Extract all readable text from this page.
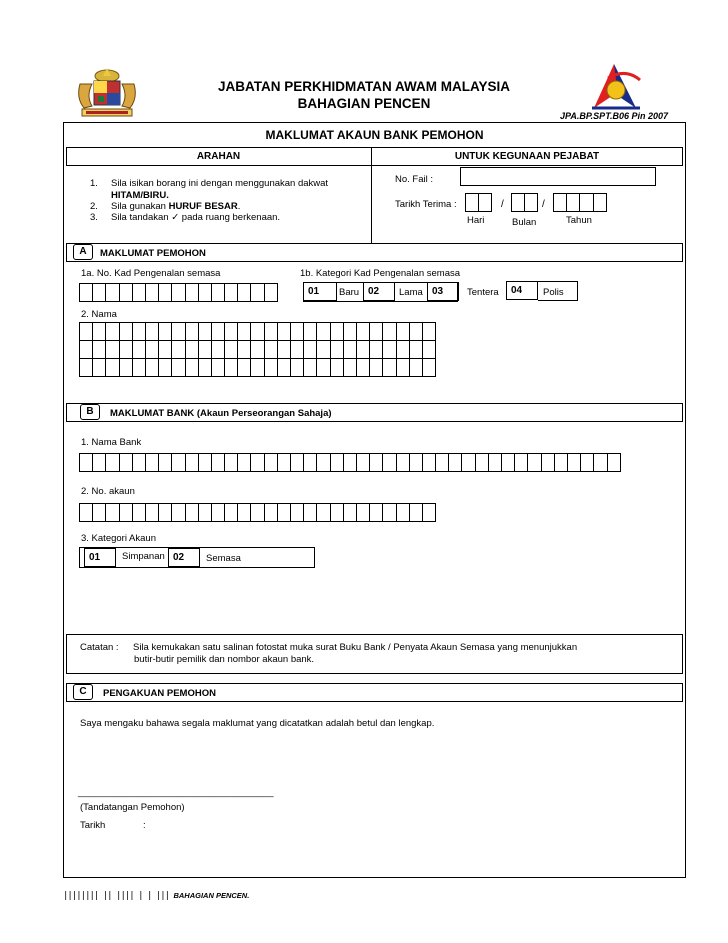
JABATAN PERKHIDMATAN AWAM MALAYSIA
BAHAGIAN PENCEN
JPA.BP.SPT.B06 Pin 2007
MAKLUMAT AKAUN BANK PEMOHON
ARAHAN	UNTUK KEGUNAAN PEJABAT
1. Sila isikan borang ini dengan menggunakan dakwat
HITAM/BIRU.
2. Sila gunakan HURUF BESAR.
3. Sila tandakan ✓ pada ruang berkenaan.
No. Fail :
Tarikh Terima :	/	/
Hari	Bulan	Tahun
A	MAKLUMAT PEMOHON
1a. No. Kad Pengenalan semasa	1b. Kategori Kad Pengenalan semasa
01	Baru 02	Lama 03	Tentera	04	Polis
2. Nama
B	MAKLUMAT BANK (Akaun Perseorangan Sahaja)
1. Nama Bank
2. No. akaun
3. Kategori Akaun
01	Simpanan 02	Semasa
Catatan : Sila kemukakan satu salinan fotostat muka surat Buku Bank / Penyata Akaun Semasa yang menunjukkan
butir-butir pemilik dan nombor akaun bank.
C	PENGAKUAN PEMOHON
Saya mengaku bahawa segala maklumat yang dicatatkan adalah betul dan lengkap.
_____________________________________
(Tandatangan Pemohon)
Tarikh	:
|||||||| || |||| | | ||| BAHAGIAN PENCEN.
